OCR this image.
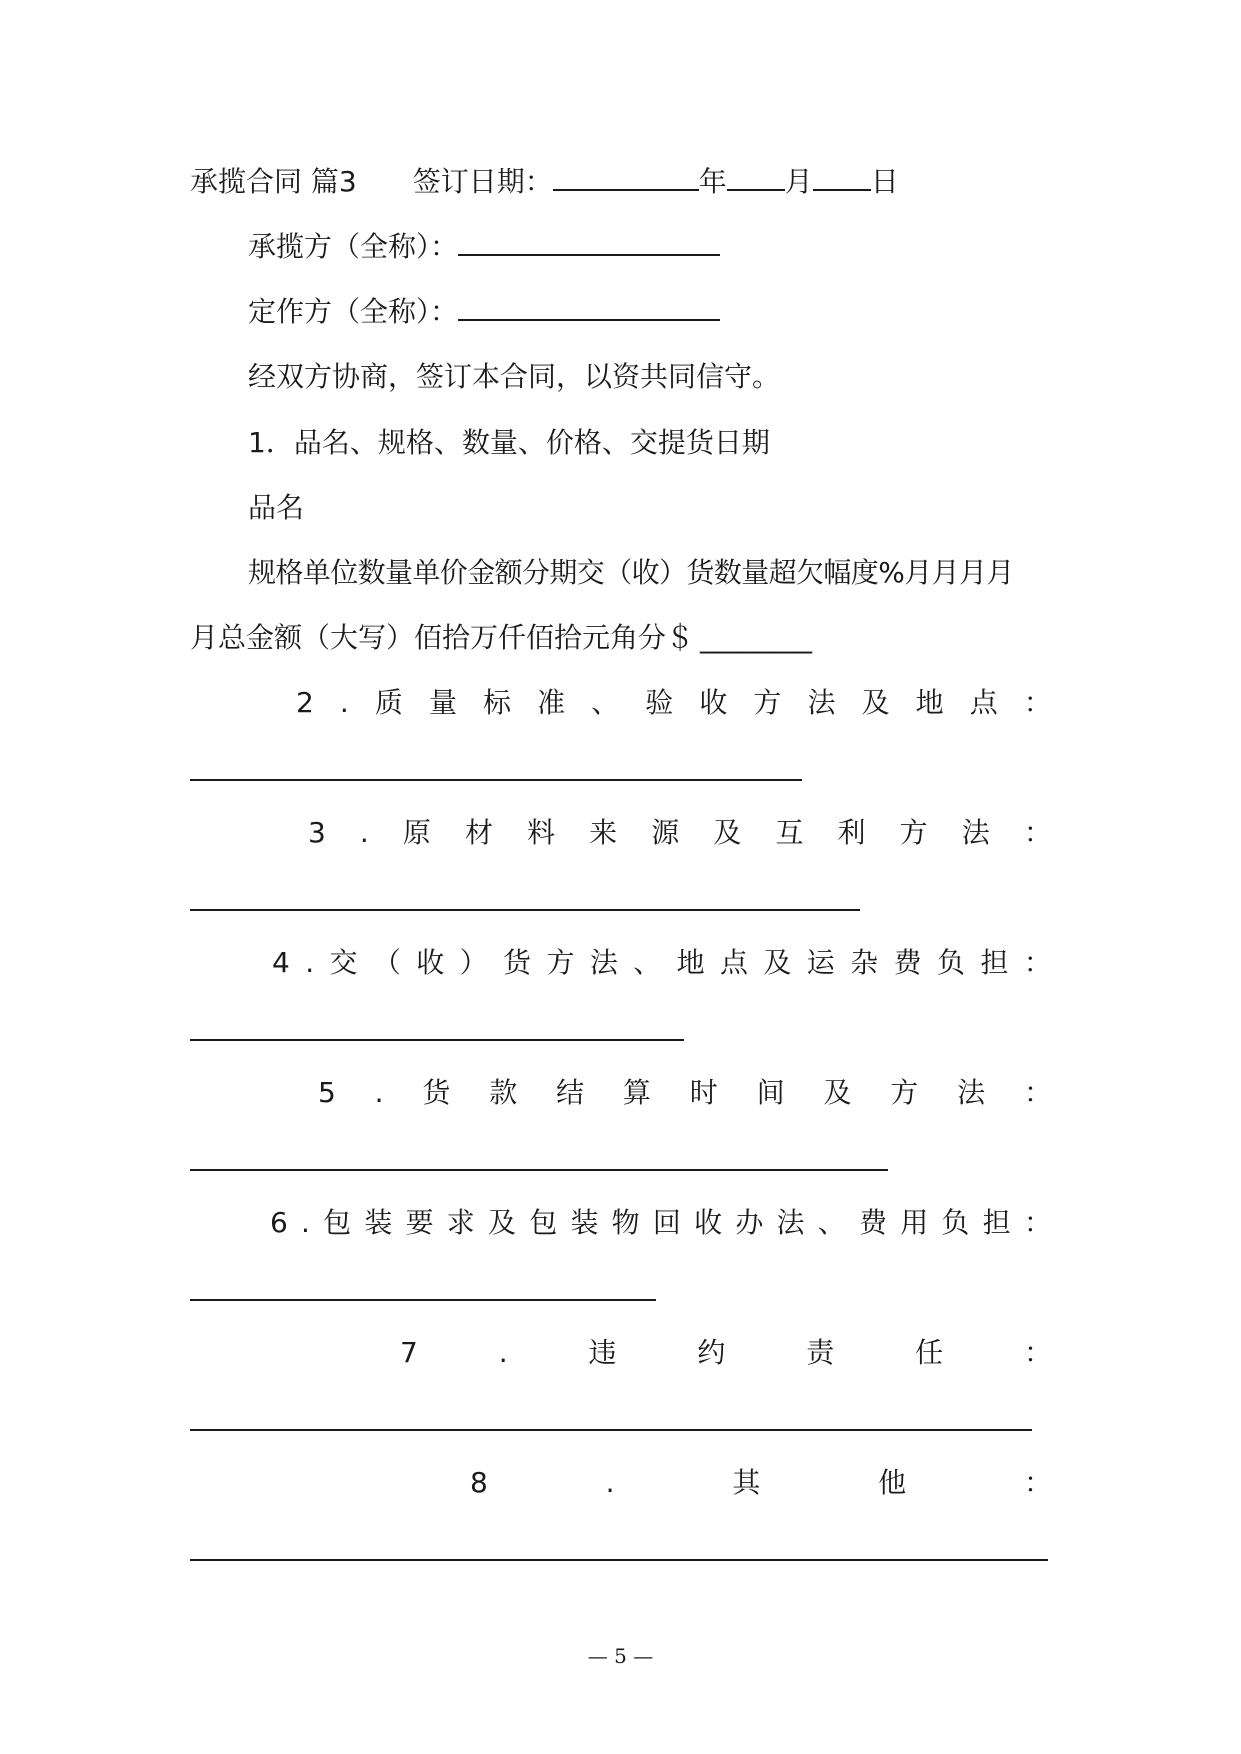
承揽合同 篇3 签订日期：	年 月 日
承揽方（全称）：
定作方（全称）：
经双方协商，签订本合同，以资共同信守。
1．品名、规格、数量、价格、交提货日期
品名
规格单位数量单价金额分期交（收）货数量超欠幅度%月月月月
月总金额（大写）佰拾万仟佰拾元角分＄ ________
2 . 质 量 标 准 、 验 收 方 法 及 地 点 ：
3 . 原 材 料 来 源 及 互 利 方 法 ：
4 . 交 （ 收 ） 货 方 法 、 地 点 及 运 杂 费 负 担 ：
5 . 货 款 结 算 时 间 及 方 法 ：
6 . 包 装 要 求 及 包 装 物 回 收 办 法 、 费 用 负 担 ：
7	.	违	约	责	任	：
8	.	其	他	：
— 5 —
